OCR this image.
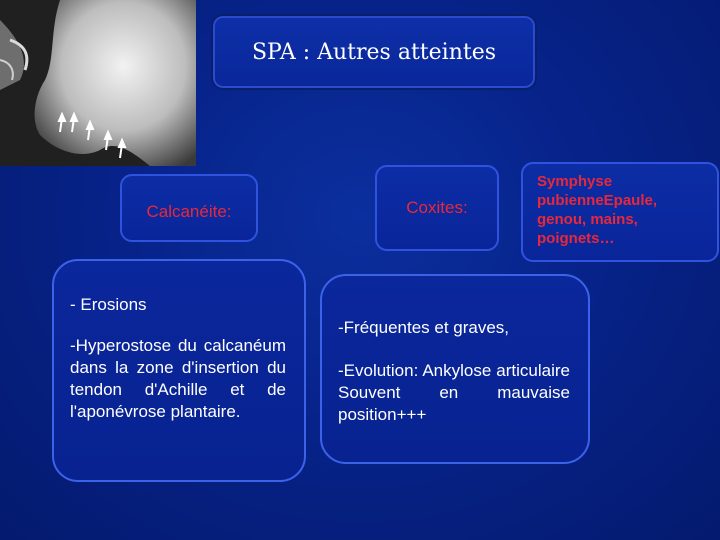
SPA : Autres atteintes
Calcanéite:	Coxites:
Symphyse pubienneEpaule, genou, mains, poignets…

- Erosions

-Hyperostose du calcanéum dans la zone d'insertion du tendon d'Achille et de l'aponévrose plantaire.

-Fréquentes et graves,

-Evolution: Ankylose articulaire Souvent en mauvaise position+++
